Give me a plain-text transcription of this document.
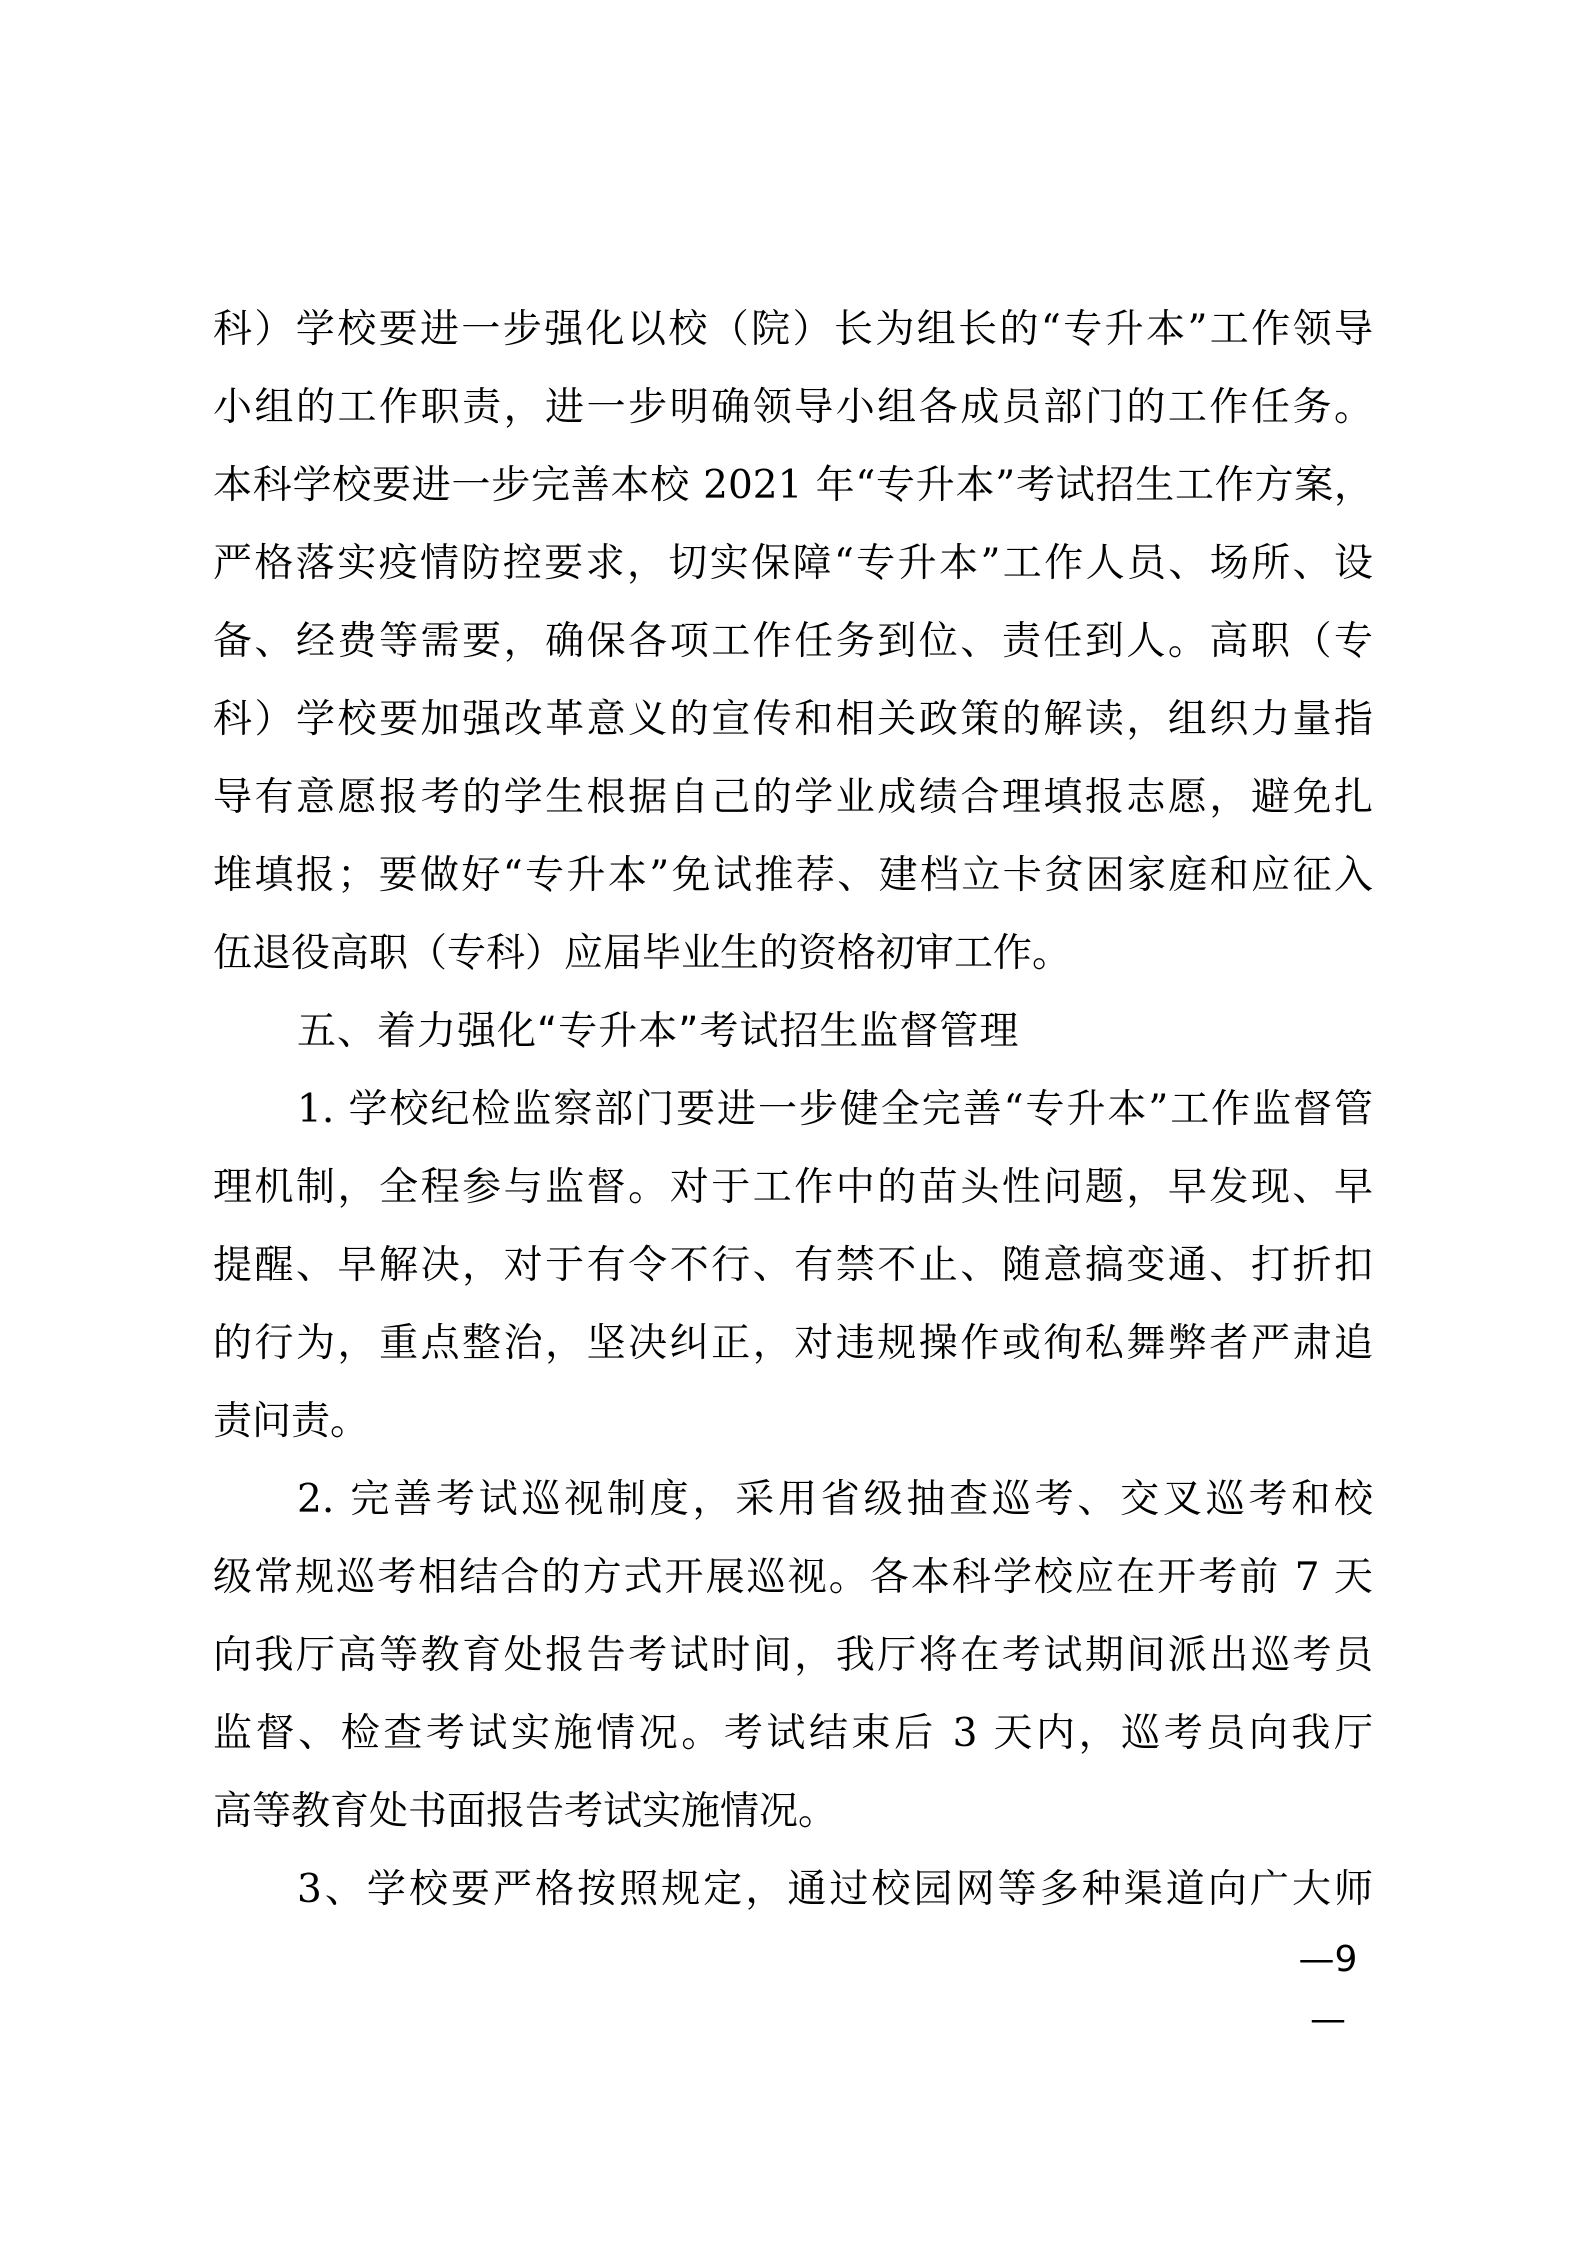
科）学校要进一步强化以校（院）长为组长的“专升本”工作领导
小组的工作职责，进一步明确领导小组各成员部门的工作任务。
本科学校要进一步完善本校 2021 年“专升本”考试招生工作方案，
严格落实疫情防控要求，切实保障“专升本”工作人员、场所、设
备、经费等需要，确保各项工作任务到位、责任到人。高职（专
科）学校要加强改革意义的宣传和相关政策的解读，组织力量指
导有意愿报考的学生根据自己的学业成绩合理填报志愿，避免扎
堆填报；要做好“专升本”免试推荐、建档立卡贫困家庭和应征入
伍退役高职（专科）应届毕业生的资格初审工作。
五、着力强化“专升本”考试招生监督管理
1. 学校纪检监察部门要进一步健全完善“专升本”工作监督管
理机制，全程参与监督。对于工作中的苗头性问题，早发现、早
提醒、早解决，对于有令不行、有禁不止、随意搞变通、打折扣
的行为，重点整治，坚决纠正，对违规操作或徇私舞弊者严肃追
责问责。
2. 完善考试巡视制度，采用省级抽查巡考、交叉巡考和校
级常规巡考相结合的方式开展巡视。各本科学校应在开考前 7 天
向我厅高等教育处报告考试时间，我厅将在考试期间派出巡考员
监督、检查考试实施情况。考试结束后 3 天内，巡考员向我厅
高等教育处书面报告考试实施情况。
3、学校要严格按照规定，通过校园网等多种渠道向广大师
—9—
